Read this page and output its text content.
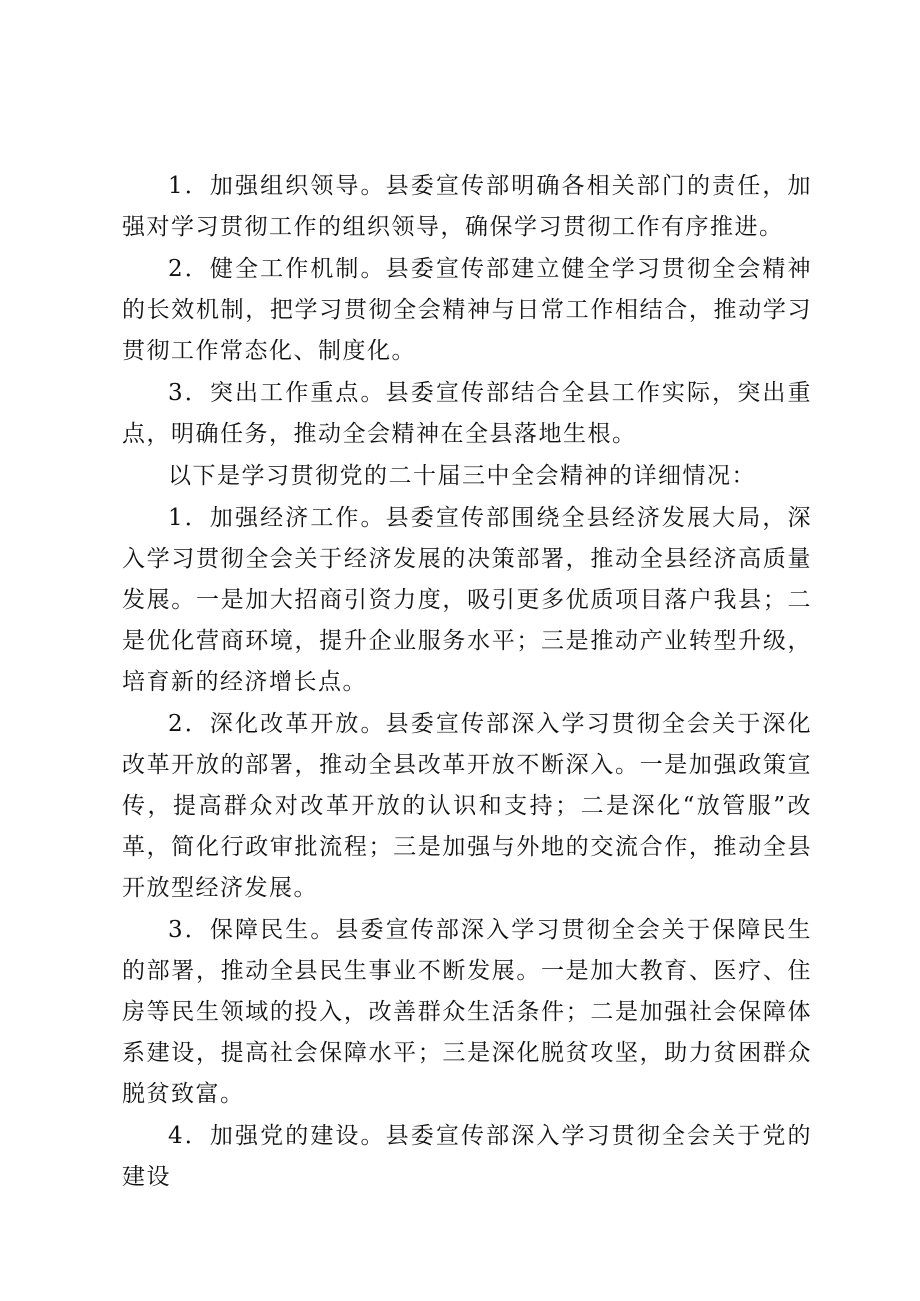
1．加强组织领导。县委宣传部明确各相关部门的责任，加强对学习贯彻工作的组织领导，确保学习贯彻工作有序推进。

2．健全工作机制。县委宣传部建立健全学习贯彻全会精神的长效机制，把学习贯彻全会精神与日常工作相结合，推动学习贯彻工作常态化、制度化。

3．突出工作重点。县委宣传部结合全县工作实际，突出重点，明确任务，推动全会精神在全县落地生根。

以下是学习贯彻党的二十届三中全会精神的详细情况：

1．加强经济工作。县委宣传部围绕全县经济发展大局，深入学习贯彻全会关于经济发展的决策部署，推动全县经济高质量发展。一是加大招商引资力度，吸引更多优质项目落户我县；二是优化营商环境，提升企业服务水平；三是推动产业转型升级，培育新的经济增长点。

2．深化改革开放。县委宣传部深入学习贯彻全会关于深化改革开放的部署，推动全县改革开放不断深入。一是加强政策宣传，提高群众对改革开放的认识和支持；二是深化“放管服”改革，简化行政审批流程；三是加强与外地的交流合作，推动全县开放型经济发展。

3．保障民生。县委宣传部深入学习贯彻全会关于保障民生的部署，推动全县民生事业不断发展。一是加大教育、医疗、住房等民生领域的投入，改善群众生活条件；二是加强社会保障体系建设，提高社会保障水平；三是深化脱贫攻坚，助力贫困群众脱贫致富。

4．加强党的建设。县委宣传部深入学习贯彻全会关于党的建设
